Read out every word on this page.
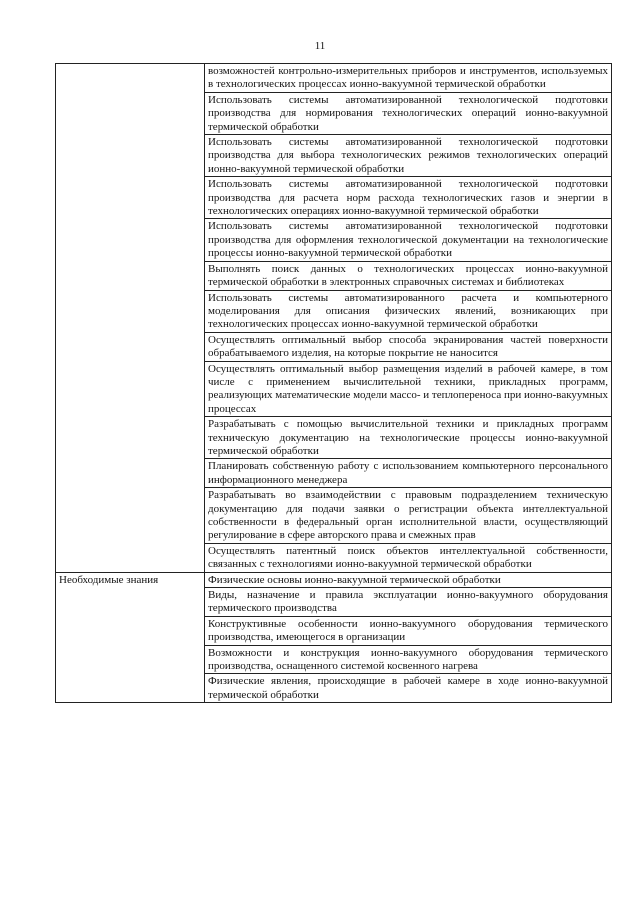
11

	возможностей контрольно-измерительных приборов и инструментов, используемых в технологических процессах ионно-вакуумной термической обработки

	Использовать системы автоматизированной технологической подготовки производства для нормирования технологических операций ионно-вакуумной термической обработки

	Использовать системы автоматизированной технологической подготовки производства для выбора технологических режимов технологических операций ионно-вакуумной термической обработки

	Использовать системы автоматизированной технологической подготовки производства для расчета норм расхода технологических газов и энергии в технологических операциях ионно-вакуумной термической обработки

	Использовать системы автоматизированной технологической подготовки производства для оформления технологической документации на технологические процессы ионно-вакуумной термической обработки

	Выполнять поиск данных о технологических процессах ионно-вакуумной термической обработки в электронных справочных системах и библиотеках

	Использовать системы автоматизированного расчета и компьютерного моделирования для описания физических явлений, возникающих при технологических процессах ионно-вакуумной термической обработки

	Осуществлять оптимальный выбор способа экранирования частей поверхности обрабатываемого изделия, на которые покрытие не наносится

	Осуществлять оптимальный выбор размещения изделий в рабочей камере, в том числе с применением вычислительной техники, прикладных программ, реализующих математические модели массо- и теплопереноса при ионно-вакуумных процессах

	Разрабатывать с помощью вычислительной техники и прикладных программ техническую документацию на технологические процессы ионно-вакуумной термической обработки

	Планировать собственную работу с использованием компьютерного персонального информационного менеджера

	Разрабатывать во взаимодействии с правовым подразделением техническую документацию для подачи заявки о регистрации объекта интеллектуальной собственности в федеральный орган исполнительной власти, осуществляющий регулирование в сфере авторского права и смежных прав

	Осуществлять патентный поиск объектов интеллектуальной собственности, связанных с технологиями ионно-вакуумной термической обработки

Необходимые знания	Физические основы ионно-вакуумной термической обработки

	Виды, назначение и правила эксплуатации ионно-вакуумного оборудования термического производства

	Конструктивные особенности ионно-вакуумного оборудования термического производства, имеющегося в организации

	Возможности и конструкция ионно-вакуумного оборудования термического производства, оснащенного системой косвенного нагрева

	Физические явления, происходящие в рабочей камере в ходе ионно-вакуумной термической обработки
